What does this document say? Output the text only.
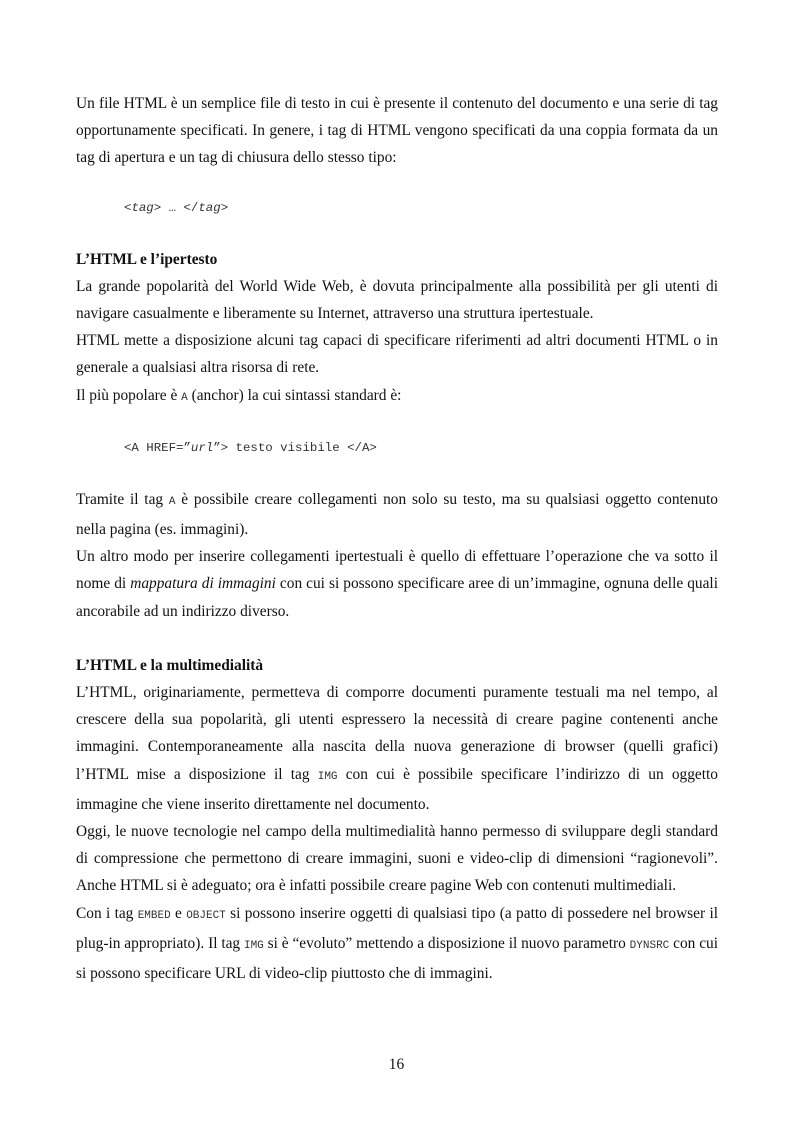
Un file HTML è un semplice file di testo in cui è presente il contenuto del documento e una serie di tag opportunamente specificati. In genere, i tag di HTML vengono specificati da una coppia formata da un tag di apertura e un tag di chiusura dello stesso tipo:

<tag> … </tag>
L’HTML e l’ipertesto

La grande popolarità del World Wide Web, è dovuta principalmente alla possibilità per gli utenti di navigare casualmente e liberamente su Internet, attraverso una struttura ipertestuale.

HTML mette a disposizione alcuni tag capaci di specificare riferimenti ad altri documenti HTML o in generale a qualsiasi altra risorsa di rete.

Il più popolare è A (anchor) la cui sintassi standard è:

<A HREF=”url”> testo visibile </A>

Tramite il tag A è possibile creare collegamenti non solo su testo, ma su qualsiasi oggetto contenuto nella pagina (es. immagini).

Un altro modo per inserire collegamenti ipertestuali è quello di effettuare l’operazione che va sotto il nome di mappatura di immagini con cui si possono specificare aree di un’immagine, ognuna delle quali ancorabile ad un indirizzo diverso.

L’HTML e la multimedialità

L’HTML, originariamente, permetteva di comporre documenti puramente testuali ma nel tempo, al crescere della sua popolarità, gli utenti espressero la necessità di creare pagine contenenti anche immagini. Contemporaneamente alla nascita della nuova generazione di browser (quelli grafici) l’HTML mise a disposizione il tag IMG con cui è possibile specificare l’indirizzo di un oggetto immagine che viene inserito direttamente nel documento.

Oggi, le nuove tecnologie nel campo della multimedialità hanno permesso di sviluppare degli standard di compressione che permettono di creare immagini, suoni e video-clip di dimensioni “ragionevoli”. Anche HTML si è adeguato; ora è infatti possibile creare pagine Web con contenuti multimediali.

Con i tag EMBED e OBJECT si possono inserire oggetti di qualsiasi tipo (a patto di possedere nel browser il plug-in appropriato). Il tag IMG si è “evoluto” mettendo a disposizione il nuovo parametro DYNSRC con cui si possono specificare URL di video-clip piuttosto che di immagini.

16
